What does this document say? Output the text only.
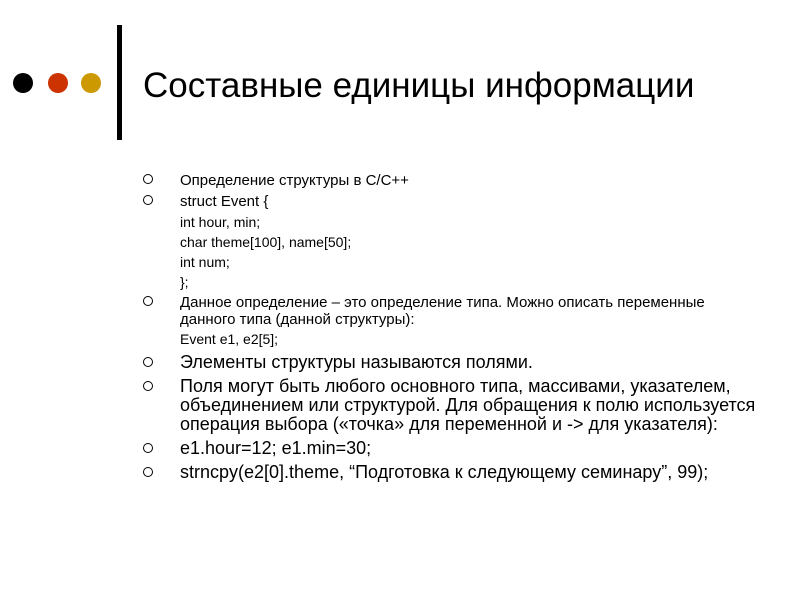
Составные единицы информации
Определение структуры в С/С++
struct Event {
int hour, min;
char theme[100], name[50];
int num;
};
Данное определение – это определение типа. Можно описать переменные данного типа (данной структуры):
Event e1, e2[5];
Элементы структуры называются полями.
Поля могут быть любого основного типа, массивами, указателем, объединением или структурой. Для обращения к полю используется операция выбора («точка» для переменной и -> для указателя):
e1.hour=12; e1.min=30;
strncpy(e2[0].theme, “Подготовка к следующему семинару”, 99);
